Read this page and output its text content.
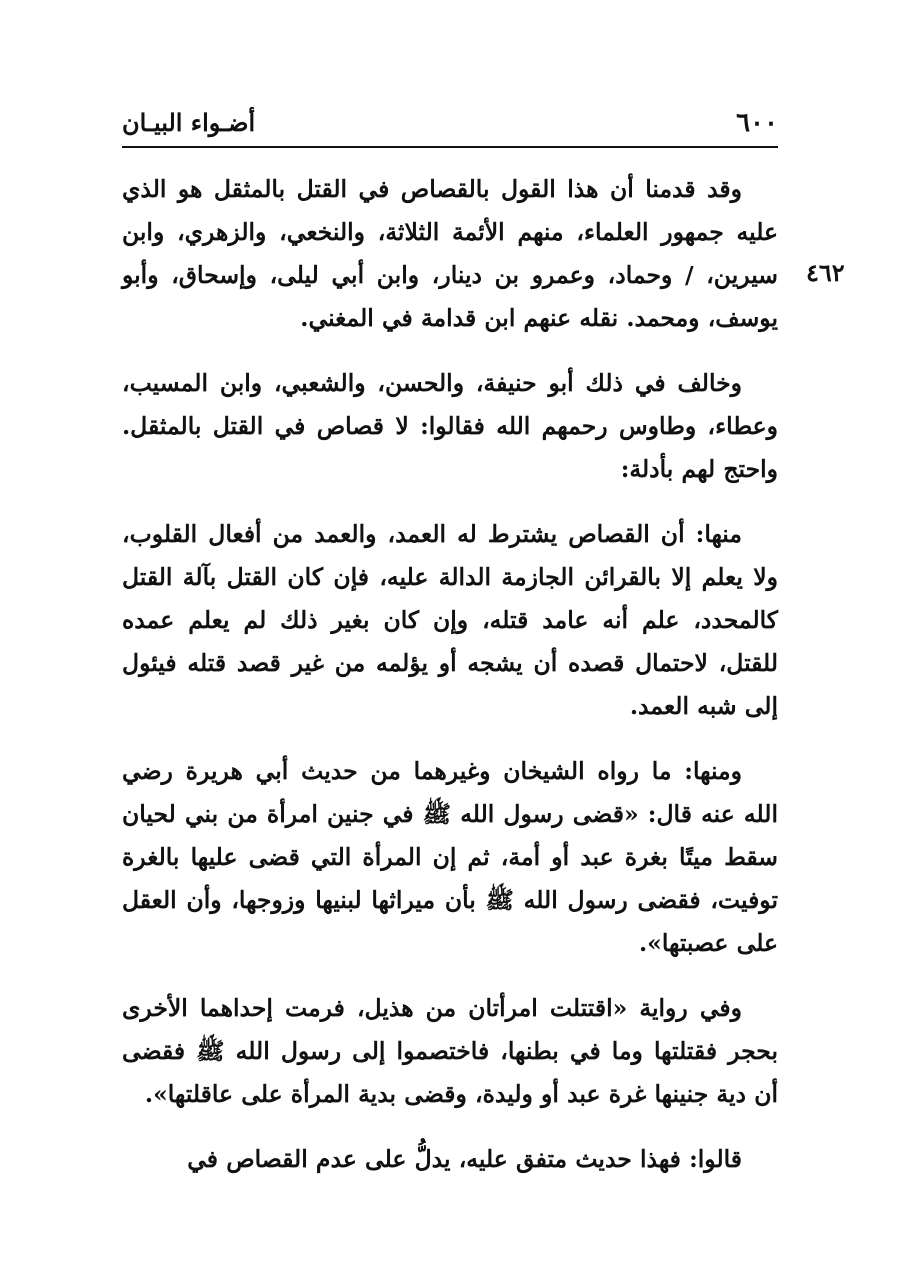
٦٠٠
أضـواء البيـان
٤٦٢

وقد قدمنا أن هذا القول بالقصاص في القتل بالمثقل هو الذي عليه جمهور العلماء، منهم الأئمة الثلاثة، والنخعي، والزهري، وابن سيرين، / وحماد، وعمرو بن دينار، وابن أبي ليلى، وإسحاق، وأبو يوسف، ومحمد. نقله عنهم ابن قدامة في المغني.

وخالف في ذلك أبو حنيفة، والحسن، والشعبي، وابن المسيب، وعطاء، وطاوس رحمهم الله فقالوا: لا قصاص في القتل بالمثقل. واحتج لهم بأدلة:

منها: أن القصاص يشترط له العمد، والعمد من أفعال القلوب، ولا يعلم إلا بالقرائن الجازمة الدالة عليه، فإن كان القتل بآلة القتل كالمحدد، علم أنه عامد قتله، وإن كان بغير ذلك لم يعلم عمده للقتل، لاحتمال قصده أن يشجه أو يؤلمه من غير قصد قتله فيئول إلى شبه العمد.

ومنها: ما رواه الشيخان وغيرهما من حديث أبي هريرة رضي الله عنه قال: «قضى رسول الله ﷺ في جنين امرأة من بني لحيان سقط ميتًا بغرة عبد أو أمة، ثم إن المرأة التي قضى عليها بالغرة توفيت، فقضى رسول الله ﷺ بأن ميراثها لبنيها وزوجها، وأن العقل على عصبتها».

وفي رواية «اقتتلت امرأتان من هذيل، فرمت إحداهما الأخرى بحجر فقتلتها وما في بطنها، فاختصموا إلى رسول الله ﷺ فقضى أن دية جنينها غرة عبد أو وليدة، وقضى بدية المرأة على عاقلتها».

قالوا: فهذا حديث متفق عليه، يدلُّ على عدم القصاص في
